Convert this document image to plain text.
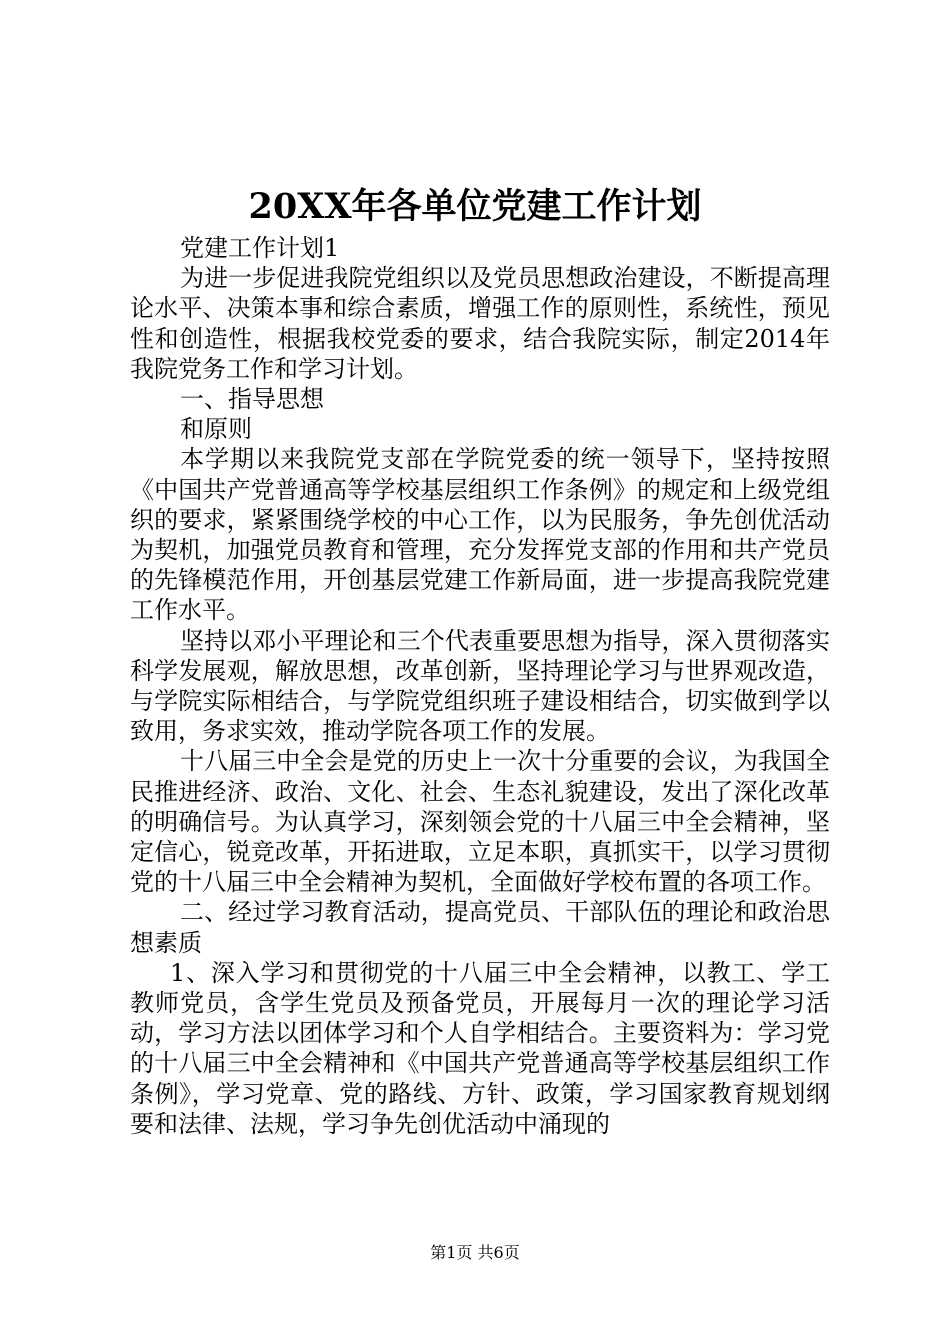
20XX年各单位党建工作计划

党建工作计划1

为进一步促进我院党组织以及党员思想政治建设，不断提高理论水平、决策本事和综合素质，增强工作的原则性，系统性，预见性和创造性，根据我校党委的要求，结合我院实际，制定2014年我院党务工作和学习计划。

一、指导思想

和原则

本学期以来我院党支部在学院党委的统一领导下，坚持按照《中国共产党普通高等学校基层组织工作条例》的规定和上级党组织的要求，紧紧围绕学校的中心工作，以为民服务，争先创优活动为契机，加强党员教育和管理，充分发挥党支部的作用和共产党员的先锋模范作用，开创基层党建工作新局面，进一步提高我院党建工作水平。

坚持以邓小平理论和三个代表重要思想为指导，深入贯彻落实科学发展观，解放思想，改革创新，坚持理论学习与世界观改造，与学院实际相结合，与学院党组织班子建设相结合，切实做到学以致用，务求实效，推动学院各项工作的发展。

十八届三中全会是党的历史上一次十分重要的会议，为我国全民推进经济、政治、文化、社会、生态礼貌建设，发出了深化改革的明确信号。为认真学习，深刻领会党的十八届三中全会精神，坚定信心，锐竞改革，开拓进取，立足本职，真抓实干，以学习贯彻党的十八届三中全会精神为契机，全面做好学校布置的各项工作。

二、经过学习教育活动，提高党员、干部队伍的理论和政治思想素质

1、深入学习和贯彻党的十八届三中全会精神，以教工、学工教师党员，含学生党员及预备党员，开展每月一次的理论学习活动，学习方法以团体学习和个人自学相结合。主要资料为：学习党的十八届三中全会精神和《中国共产党普通高等学校基层组织工作条例》，学习党章、党的路线、方针、政策，学习国家教育规划纲要和法律、法规，学习争先创优活动中涌现的

第1页 共6页
